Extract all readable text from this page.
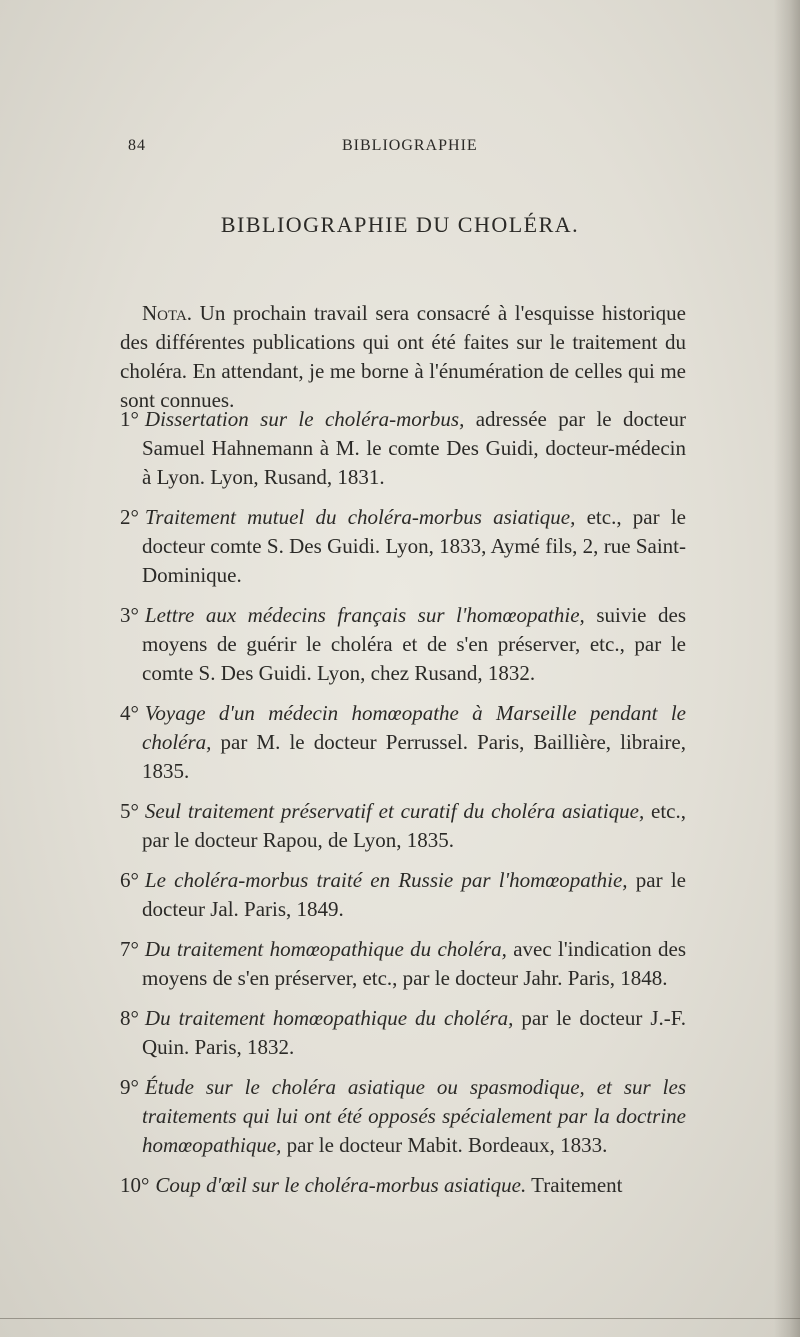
84	BIBLIOGRAPHIE
BIBLIOGRAPHIE DU CHOLÉRA.

Nota. Un prochain travail sera consacré à l'esquisse historique des différentes publications qui ont été faites sur le traitement du choléra. En attendant, je me borne à l'énumération de celles qui me sont connues.

1° Dissertation sur le choléra-morbus, adressée par le docteur Samuel Hahnemann à M. le comte Des Guidi, docteur-médecin à Lyon. Lyon, Rusand, 1831.
2° Traitement mutuel du choléra-morbus asiatique, etc., par le docteur comte S. Des Guidi. Lyon, 1833, Aymé fils, 2, rue Saint-Dominique.
3° Lettre aux médecins français sur l'homœopathie, suivie des moyens de guérir le choléra et de s'en préserver, etc., par le comte S. Des Guidi. Lyon, chez Rusand, 1832.
4° Voyage d'un médecin homœopathe à Marseille pendant le choléra, par M. le docteur Perrussel. Paris, Baillière, libraire, 1835.
5° Seul traitement préservatif et curatif du choléra asiatique, etc., par le docteur Rapou, de Lyon, 1835.
6° Le choléra-morbus traité en Russie par l'homœopathie, par le docteur Jal. Paris, 1849.
7° Du traitement homœopathique du choléra, avec l'indication des moyens de s'en préserver, etc., par le docteur Jahr. Paris, 1848.
8° Du traitement homœopathique du choléra, par le docteur J.-F. Quin. Paris, 1832.
9° Étude sur le choléra asiatique ou spasmodique, et sur les traitements qui lui ont été opposés spécialement par la doctrine homœopathique, par le docteur Mabit. Bordeaux, 1833.
10° Coup d'œil sur le choléra-morbus asiatique. Traitement
